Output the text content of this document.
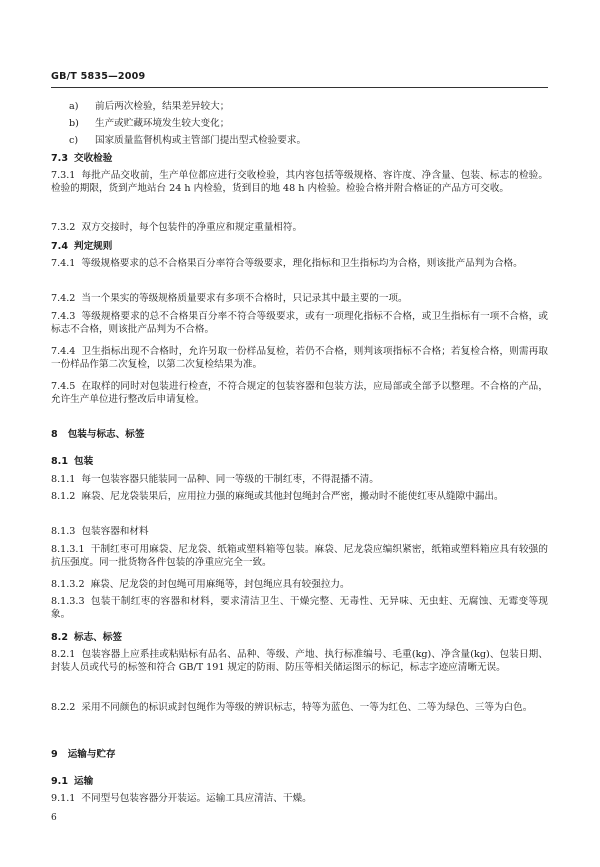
GB/T 5835—2009

a) 前后两次检验，结果差异较大；

b) 生产或贮藏环境发生较大变化；

c) 国家质量监督机构或主管部门提出型式检验要求。

7.3 交收检验

7.3.1 每批产品交收前，生产单位都应进行交收检验，其内容包括等级规格、容许度、净含量、包装、标志的检验。检验的期限，货到产地站台 24 h 内检验，货到目的地 48 h 内检验。检验合格并附合格证的产品方可交收。

7.3.2 双方交接时，每个包装件的净重应和规定重量相符。

7.4 判定规则

7.4.1 等级规格要求的总不合格果百分率符合等级要求，理化指标和卫生指标均为合格，则该批产品判为合格。

7.4.2 当一个果实的等级规格质量要求有多项不合格时，只记录其中最主要的一项。

7.4.3 等级规格要求的总不合格果百分率不符合等级要求，或有一项理化指标不合格，或卫生指标有一项不合格，或标志不合格，则该批产品判为不合格。

7.4.4 卫生指标出现不合格时，允许另取一份样品复检，若仍不合格，则判该项指标不合格；若复检合格，则需再取一份样品作第二次复检，以第二次复检结果为准。

7.4.5 在取样的同时对包装进行检查，不符合规定的包装容器和包装方法，应局部或全部予以整理。不合格的产品，允许生产单位进行整改后申请复检。

8 包装与标志、标签

8.1 包装

8.1.1 每一包装容器只能装同一品种、同一等级的干制红枣，不得混播不清。

8.1.2 麻袋、尼龙袋装果后，应用拉力强的麻绳或其他封包绳封合严密，搬动时不能使红枣从缝隙中漏出。

8.1.3 包装容器和材料

8.1.3.1 干制红枣可用麻袋、尼龙袋、纸箱或塑料箱等包装。麻袋、尼龙袋应编织紧密，纸箱或塑料箱应具有较强的抗压强度。同一批货物各件包装的净重应完全一致。

8.1.3.2 麻袋、尼龙袋的封包绳可用麻绳等，封包绳应具有较强拉力。

8.1.3.3 包装干制红枣的容器和材料，要求清洁卫生、干燥完整、无毒性、无异味、无虫蛀、无腐蚀、无霉变等现象。

8.2 标志、标签

8.2.1 包装容器上应系挂或粘贴标有品名、品种、等级、产地、执行标准编号、毛重(kg)、净含量(kg)、包装日期、封装人员或代号的标签和符合 GB/T 191 规定的防雨、防压等相关储运图示的标记，标志字迹应清晰无误。

8.2.2 采用不同颜色的标识或封包绳作为等级的辨识标志，特等为蓝色、一等为红色、二等为绿色、三等为白色。

9 运输与贮存

9.1 运输

9.1.1 不同型号包装容器分开装运。运输工具应清洁、干燥。

6
